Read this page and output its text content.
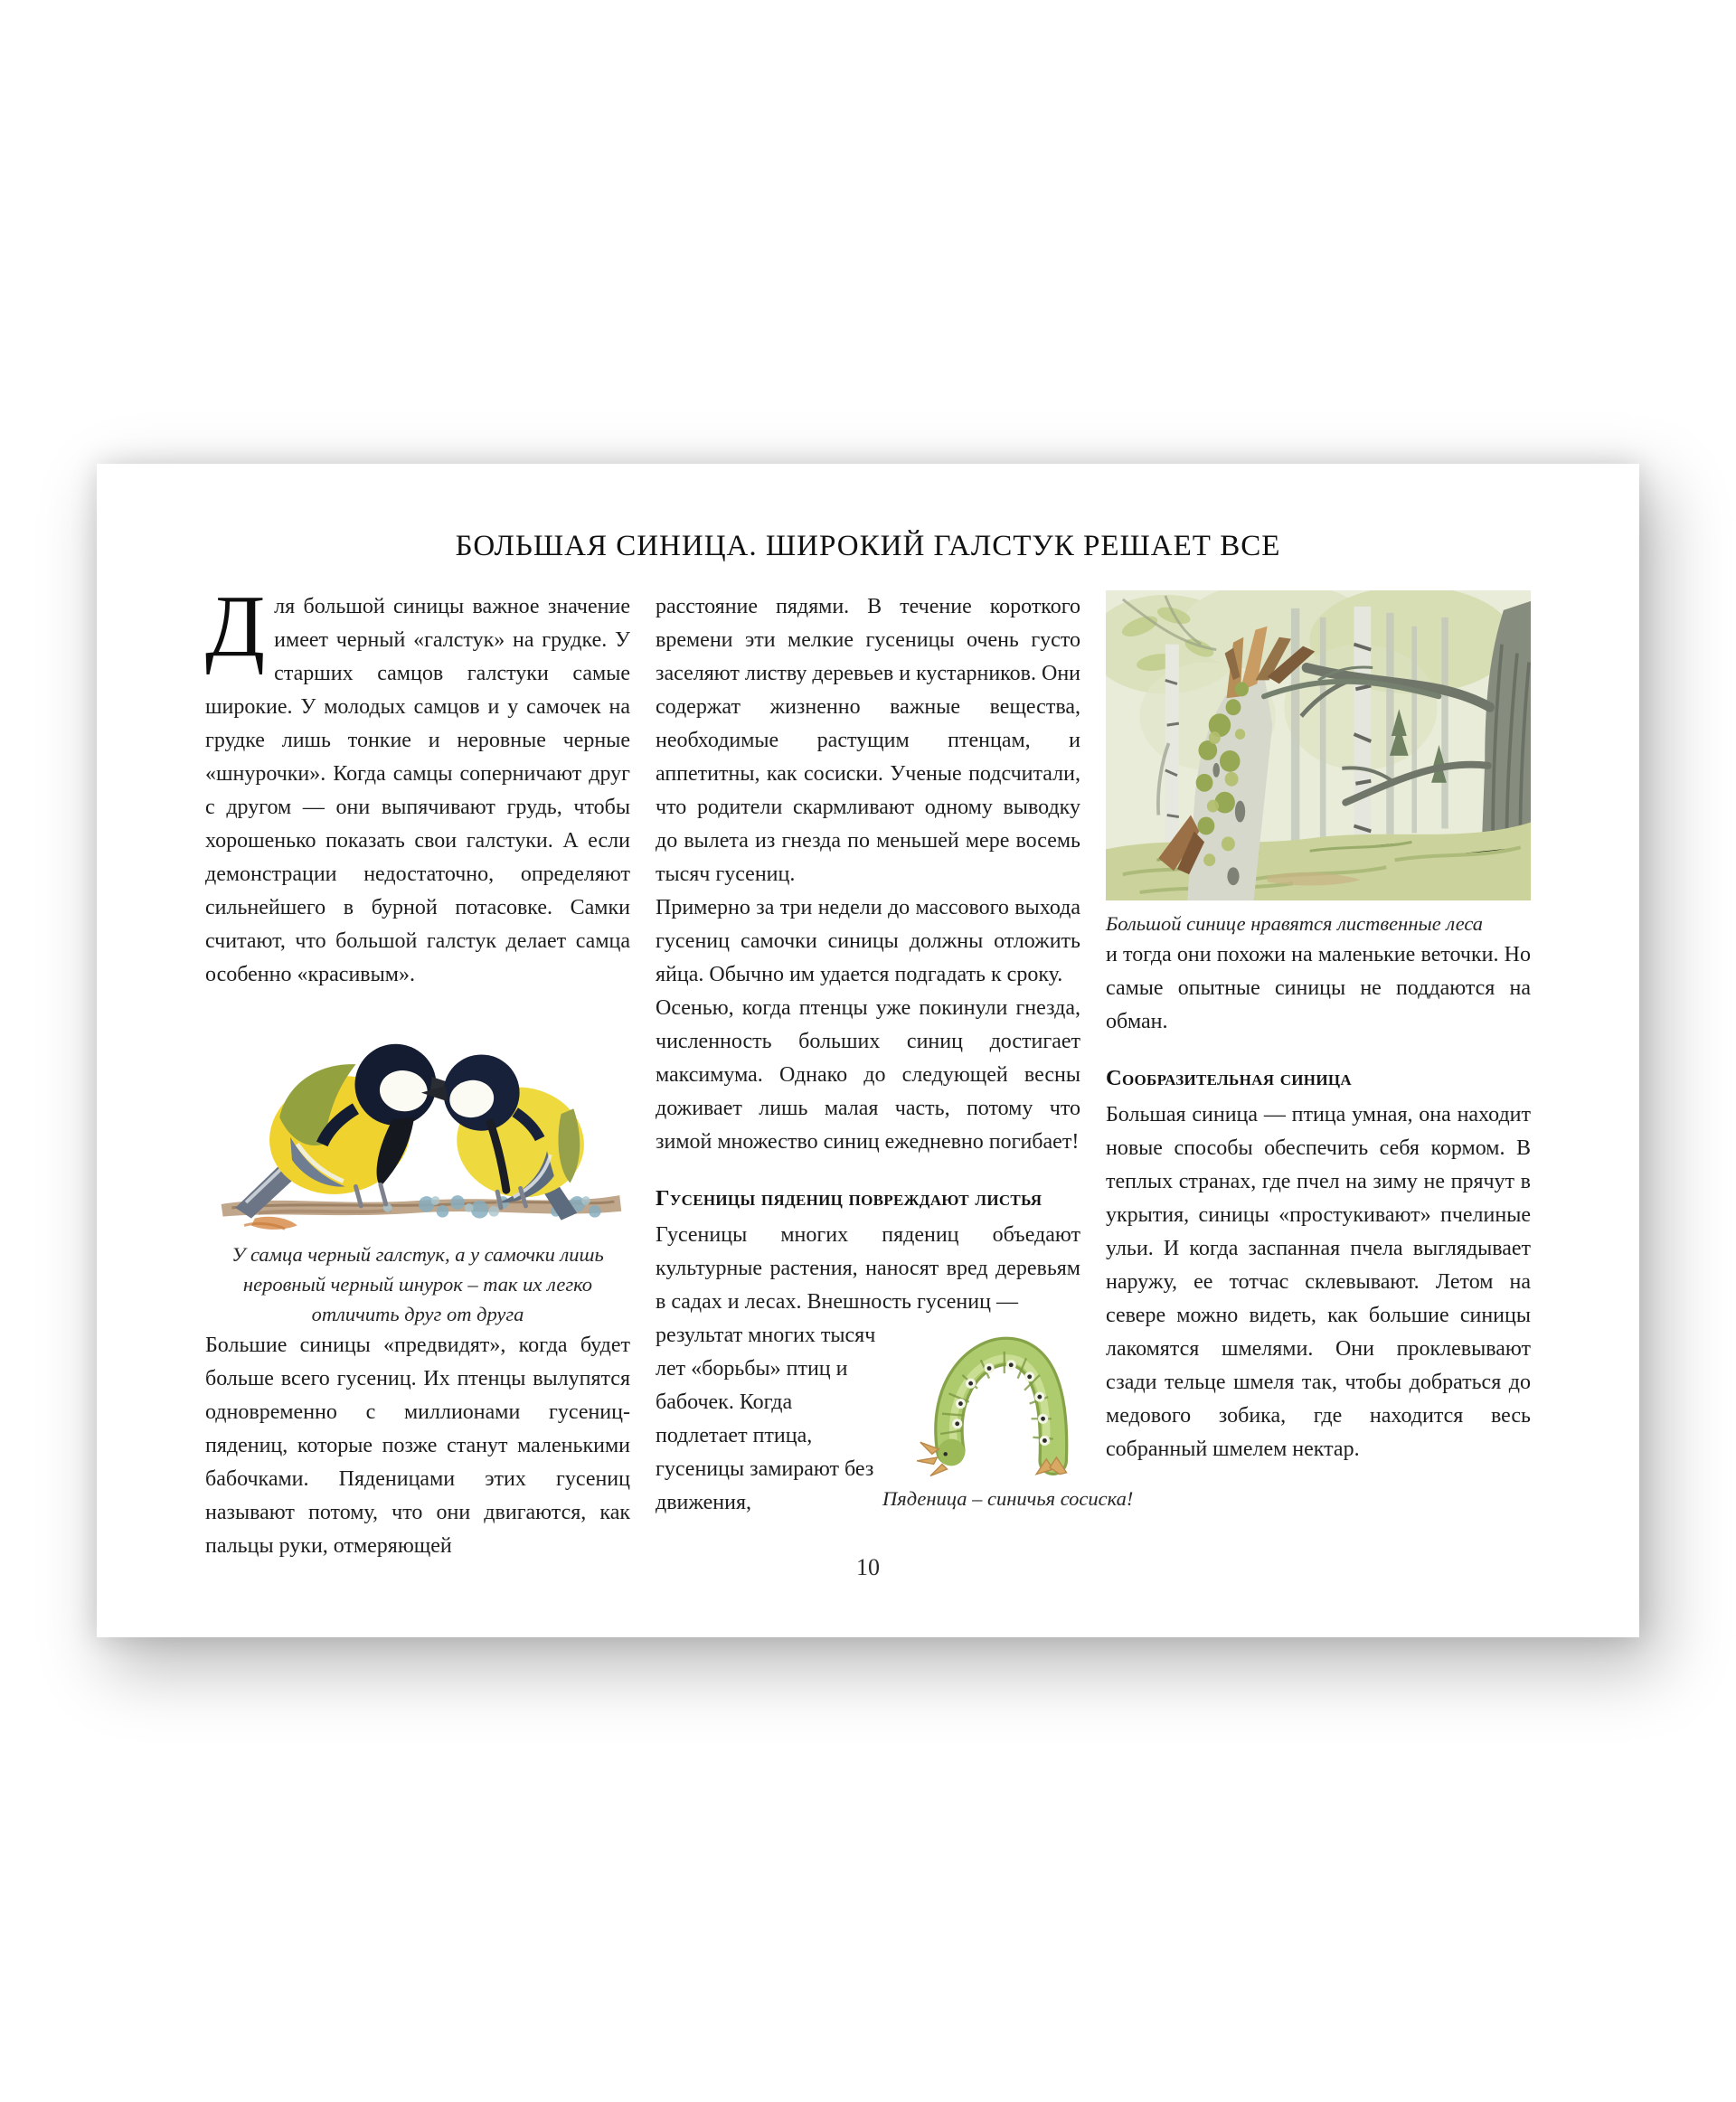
БОЛЬШАЯ СИНИЦА. ШИРОКИЙ ГАЛСТУК РЕШАЕТ ВСЕ

Для большой синицы важное значение имеет черный «галстук» на грудке. У старших самцов галстуки самые широкие. У молодых самцов и у самочек на грудке лишь тонкие и неровные черные «шнурочки». Когда самцы соперничают друг с другом — они выпячивают грудь, чтобы хорошенько показать свои галстуки. А если демонстрации недостаточно, определяют сильнейшего в бурной потасовке. Самки считают, что большой галстук делает самца особенно «красивым».

У самца черный галстук, а у самочки лишь неровный черный шнурок – так их легко отличить друг от друга

Большие синицы «предвидят», когда будет больше всего гусениц. Их птенцы вылупятся одновременно с миллионами гусениц-пядениц, которые позже станут маленькими бабочками. Пяденицами этих гусениц называют потому, что они двигаются, как пальцы руки, отмеряющей

расстояние пядями. В течение короткого времени эти мелкие гусеницы очень густо заселяют листву деревьев и кустарников. Они содержат жизненно важные вещества, необходимые растущим птенцам, и аппетитны, как сосиски. Ученые подсчитали, что родители скармливают одному выводку до вылета из гнезда по меньшей мере восемь тысяч гусениц.

Примерно за три недели до массового выхода гусениц самочки синицы должны отложить яйца. Обычно им удается подгадать к сроку.

Осенью, когда птенцы уже покинули гнезда, численность больших синиц достигает максимума. Однако до следующей весны доживает лишь малая часть, потому что зимой множество синиц ежедневно погибает!

Гусеницы пядениц повреждают листья

Гусеницы многих пядениц объедают культурные растения, наносят вред деревьям в садах и лесах. Внешность гусениц —

результат многих тысяч лет «борьбы» птиц и бабочек. Когда подлетает птица, гусеницы замирают без движения,	Пяденица – синичья сосиска!
Большой синице нравятся лиственные леса

и тогда они похожи на маленькие веточки. Но самые опытные синицы не поддаются на обман.

Сообразительная синица

Большая синица — птица умная, она находит новые способы обеспечить себя кормом. В теплых странах, где пчел на зиму не прячут в укрытия, синицы «простукивают» пчелиные ульи. И когда заспанная пчела выглядывает наружу, ее тотчас склевывают. Летом на севере можно видеть, как большие синицы лакомятся шмелями. Они проклевывают сзади тельце шмеля так, чтобы добраться до медового зобика, где находится весь собранный шмелем нектар.

10
